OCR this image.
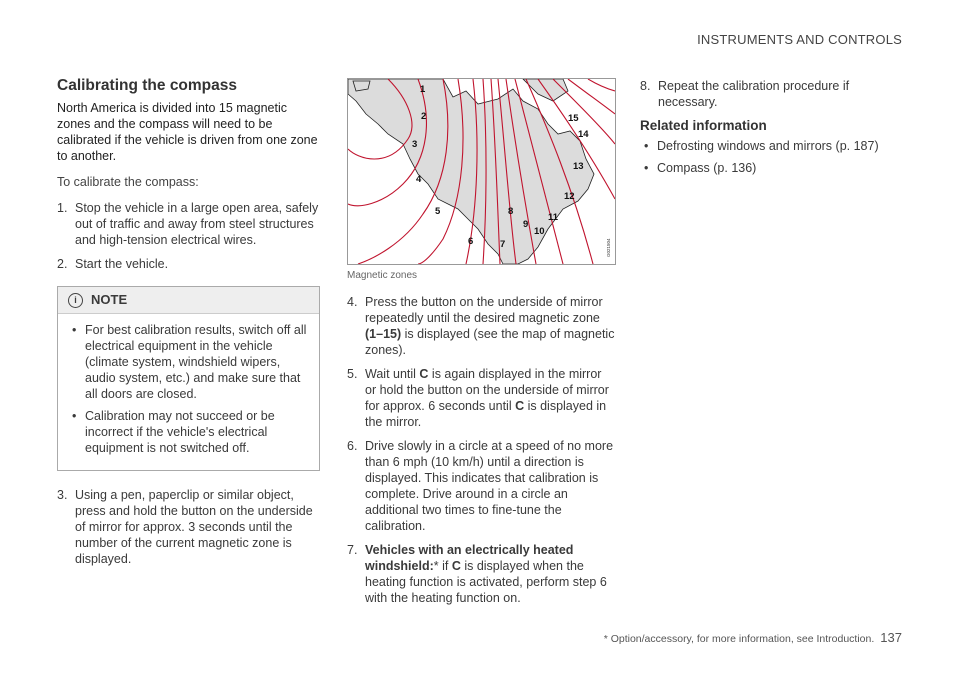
INSTRUMENTS AND CONTROLS
Calibrating the compass

North America is divided into 15 magnetic zones and the compass will need to be calibrated if the vehicle is driven from one zone to another.

To calibrate the compass:

1. Stop the vehicle in a large open area, safely out of traffic and away from steel structures and high-tension electrical wires.
2. Start the vehicle.
i	NOTE
• For best calibration results, switch off all electrical equipment in the vehicle (climate system, windshield wipers, audio system, etc.) and make sure that all doors are closed.
• Calibration may not succeed or be incorrect if the vehicle's electrical equipment is not switched off.
3. Using a pen, paperclip or similar object, press and hold the button on the underside of mirror for approx. 3 seconds until the number of the current magnetic zone is displayed.
1
2
3
4
5
6	7
8
9
10
11
12
13
14
15
G021504
Magnetic zones
4. Press the button on the underside of mirror repeatedly until the desired magnetic zone (1–15) is displayed (see the map of magnetic zones).
5. Wait until C is again displayed in the mirror or hold the button on the underside of mirror for approx. 6 seconds until C is displayed in the mirror.
6. Drive slowly in a circle at a speed of no more than 6 mph (10 km/h) until a direction is displayed. This indicates that calibration is complete. Drive around in a circle an additional two times to fine-tune the calibration.
7. Vehicles with an electrically heated windshield:* if C is displayed when the heating function is activated, perform step 6 with the heating function on.
8. Repeat the calibration procedure if necessary.
Related information
• Defrosting windows and mirrors (p. 187)
• Compass (p. 136)
* Option/accessory, for more information, see Introduction. 137
